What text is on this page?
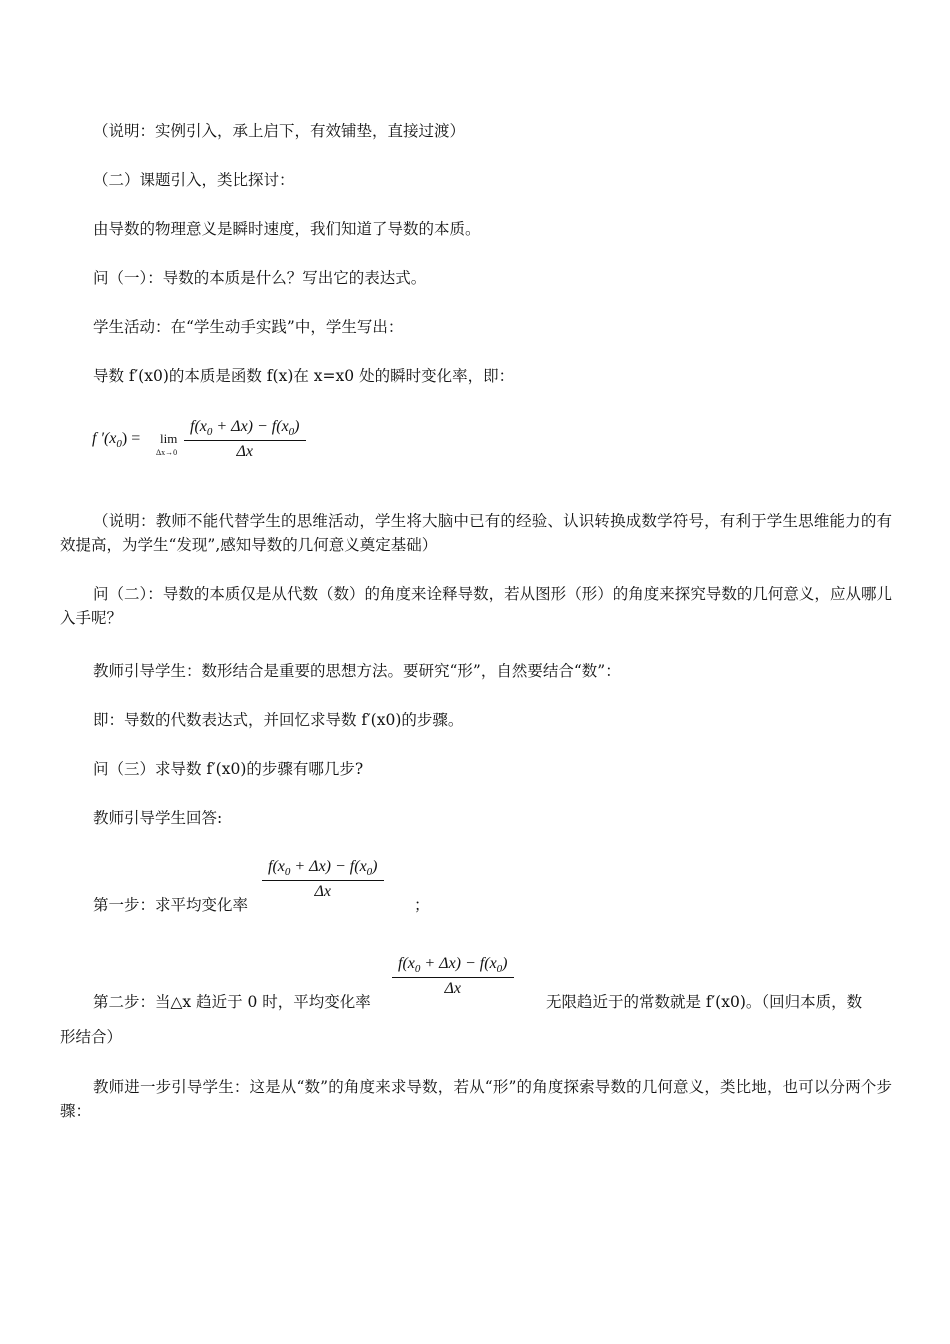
（说明：实例引入，承上启下，有效铺垫，直接过渡）
（二）课题引入，类比探讨：
由导数的物理意义是瞬时速度，我们知道了导数的本质。
问（一）：导数的本质是什么？写出它的表达式。
学生活动：在“学生动手实践”中，学生写出：
导数 f′(x0)的本质是函数 f(x)在 x=x0 处的瞬时变化率，即：
f $'(x_0) = \lim$
$\Delta x\to 0 \frac{f(x_0 + \Delta x) - f(x_0)}{\Delta x}$
（说明：教师不能代替学生的思维活动，学生将大脑中已有的经验、认识转换成数学符号，有利于学生思维能力的有效提高，为学生“发现”,感知导数的几何意义奠定基础）
问（二）：导数的本质仅是从代数（数）的角度来诠释导数，若从图形（形）的角度来探究导数的几何意义，应从哪儿入手呢？
教师引导学生：数形结合是重要的思想方法。要研究“形”，自然要结合“数”：
即：导数的代数表达式，并回忆求导数 f′(x0)的步骤。
问（三）求导数 f′(x0)的步骤有哪几步?
教师引导学生回答:
第一步：求平均变化率
$\frac{f(x_0 + \Delta x) - f(x_0)}{\Delta x}$
；
$\frac{f(x_0 + \Delta x) - f(x_0)}{\Delta x}$
第二步：当△x 趋近于 0 时，平均变化率	无限趋近于的常数就是 f′(x0)。（回归本质，数
形结合）
教师进一步引导学生：这是从“数”的角度来求导数，若从“形”的角度探索导数的几何意义，类比地，也可以分两个步骤：
